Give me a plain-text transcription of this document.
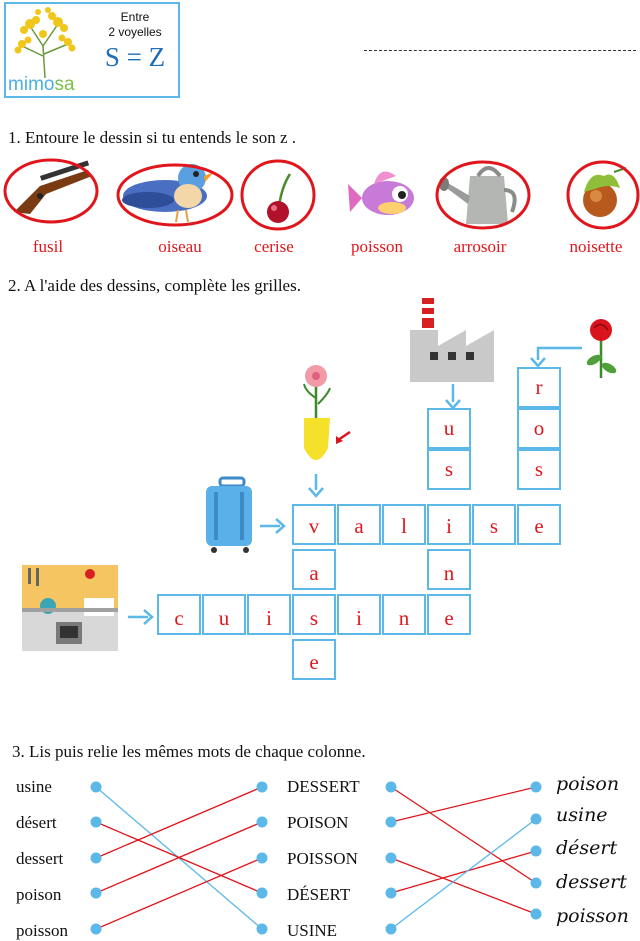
mimosa
Entre
2 voyelles
S = Z
1. Entoure le dessin si tu entends le son z .
fusil	oiseau	cerise	poisson	arrosoir	noisette
2. A l'aide des dessins, complète les grilles.
r
o
s
u
s
n
v	a	l	i	s	e
a
c	u	i	s	i	n	e
e
3. Lis puis relie les mêmes mots de chaque colonne.
usine
désert
dessert
poison
poisson
DESSERT
POISON
POISSON
DÉSERT
USINE
poison
usine
désert
dessert
poisson
